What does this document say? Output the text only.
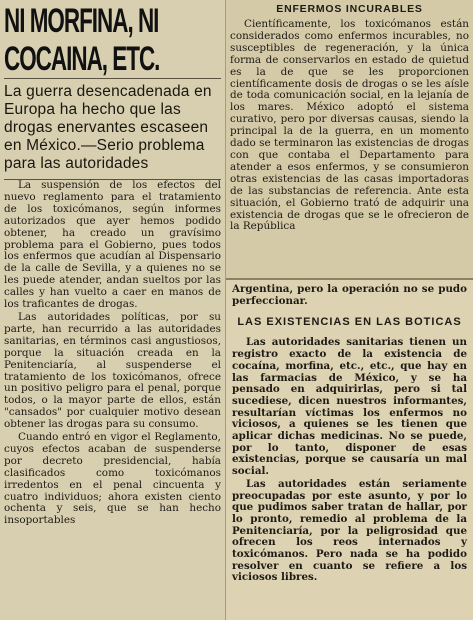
NI MORFINA, NI COCAINA, ETC.
La guerra desencadenada en Europa ha hecho que las drogas enervantes escaseen en México.—Serio problema para las autoridades

La suspensión de los efectos del nuevo reglamento para el tratamiento de los toxicómanos, según informes autorizados que ayer hemos podido obtener, ha creado un gravísimo problema para el Gobierno, pues todos los enfermos que acudían al Dispensario de la calle de Sevilla, y a quienes no se les puede atender, andan sueltos por las calles y han vuelto a caer en manos de los traficantes de drogas.

Las autoridades políticas, por su parte, han recurrido a las autoridades sanitarias, en términos casi angustiosos, porque la situación creada en la Penitenciaría, al suspenderse el tratamiento de los toxicómanos, ofrece un positivo peligro para el penal, porque todos, o la mayor parte de ellos, están "cansados" por cualquier motivo desean obtener las drogas para su consumo.

Cuando entró en vigor el Reglamento, cuyos efectos acaban de suspenderse por decreto presidencial, había clasificados como toxicómanos irredentos en el penal cincuenta y cuatro individuos; ahora existen ciento ochenta y seis, que se han hecho insoportables

ENFERMOS INCURABLES

Científicamente, los toxicómanos están considerados como enfermos incurables, no susceptibles de regeneración, y la única forma de conservarlos en estado de quietud es la de que se les proporcionen científicamente dosis de drogas o se les aísle de toda comunicación social, en la lejanía de los mares. México adoptó el sistema curativo, pero por diversas causas, siendo la principal la de la guerra, en un momento dado se terminaron las existencias de drogas con que contaba el Departamento para atender a esos enfermos, y se consumieron otras existencias de las casas importadoras de las substancias de referencia. Ante esta situación, el Gobierno trató de adquirir una existencia de drogas que se le ofrecieron de la República

Argentina, pero la operación no se pudo perfeccionar.

LAS EXISTENCIAS EN LAS BOTICAS

Las autoridades sanitarias tienen un registro exacto de la existencia de cocaína, morfina, etc., etc., que hay en las farmacias de México, y se ha pensado en adquirirlas, pero si tal sucediese, dicen nuestros informantes, resultarían víctimas los enfermos no viciosos, a quienes se les tienen que aplicar dichas medicinas. No se puede, por lo tanto, disponer de esas existencias, porque se causaría un mal social.

Las autoridades están seriamente preocupadas por este asunto, y por lo que pudimos saber tratan de hallar, por lo pronto, remedio al problema de la Penitenciaría, por la peligrosidad que ofrecen los reos internados y toxicómanos. Pero nada se ha podido resolver en cuanto se refiere a los viciosos libres.
